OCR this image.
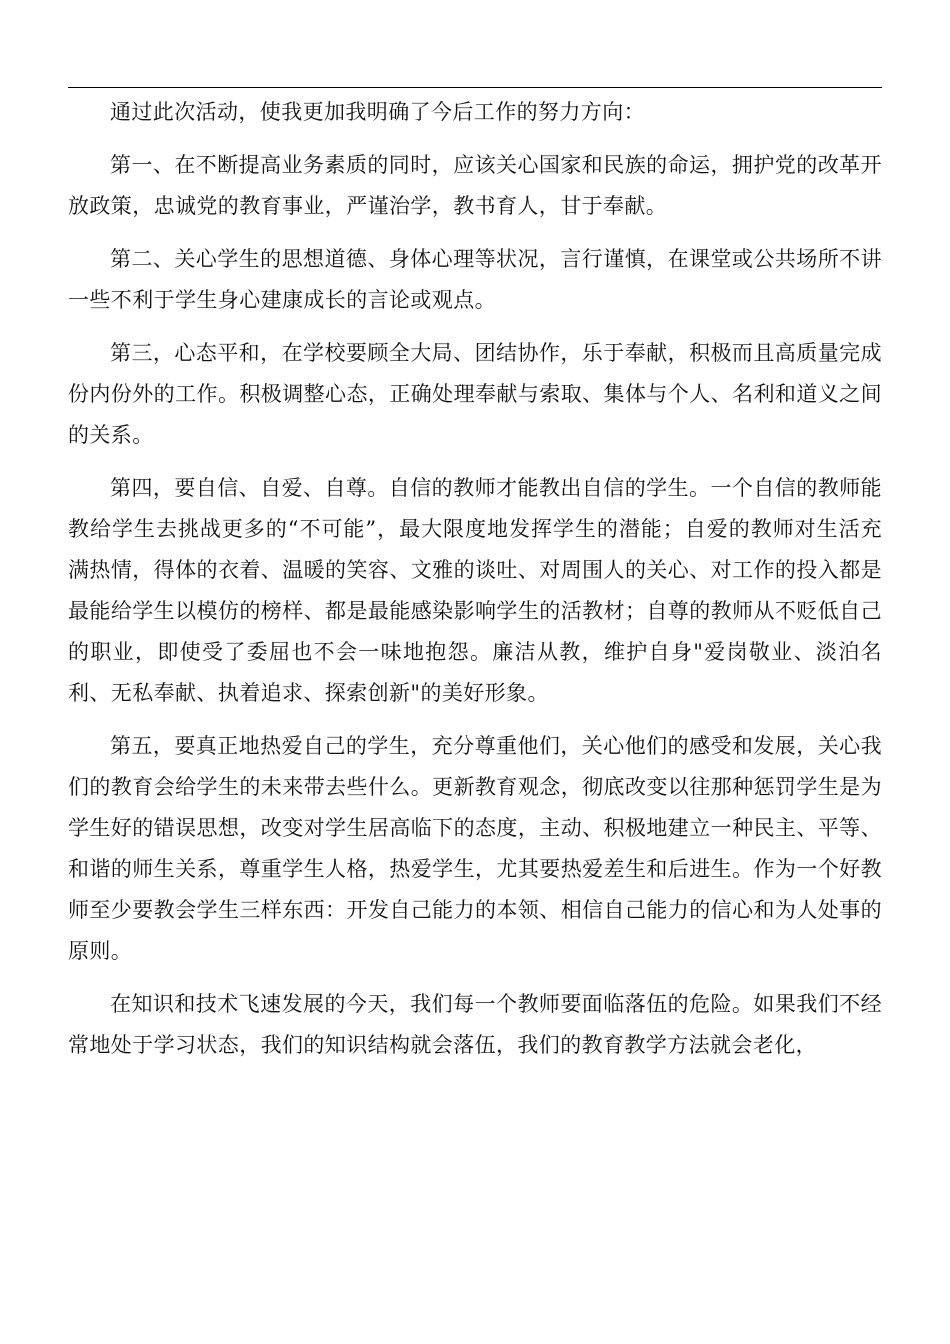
通过此次活动，使我更加我明确了今后工作的努力方向：

第一、在不断提高业务素质的同时，应该关心国家和民族的命运，拥护党的改革开放政策，忠诚党的教育事业，严谨治学，教书育人，甘于奉献。

第二、关心学生的思想道德、身体心理等状况，言行谨慎，在课堂或公共场所不讲一些不利于学生身心建康成长的言论或观点。

第三，心态平和，在学校要顾全大局、团结协作，乐于奉献，积极而且高质量完成份内份外的工作。积极调整心态，正确处理奉献与索取、集体与个人、名利和道义之间的关系。

第四，要自信、自爱、自尊。自信的教师才能教出自信的学生。一个自信的教师能教给学生去挑战更多的“不可能”，最大限度地发挥学生的潜能；自爱的教师对生活充满热情，得体的衣着、温暖的笑容、文雅的谈吐、对周围人的关心、对工作的投入都是最能给学生以模仿的榜样、都是最能感染影响学生的活教材；自尊的教师从不贬低自己的职业，即使受了委屈也不会一味地抱怨。廉洁从教，维护自身"爱岗敬业、淡泊名利、无私奉献、执着追求、探索创新"的美好形象。

第五，要真正地热爱自己的学生，充分尊重他们，关心他们的感受和发展，关心我们的教育会给学生的未来带去些什么。更新教育观念，彻底改变以往那种惩罚学生是为学生好的错误思想，改变对学生居高临下的态度，主动、积极地建立一种民主、平等、和谐的师生关系，尊重学生人格，热爱学生，尤其要热爱差生和后进生。作为一个好教师至少要教会学生三样东西：开发自己能力的本领、相信自己能力的信心和为人处事的原则。

在知识和技术飞速发展的今天，我们每一个教师要面临落伍的危险。如果我们不经常地处于学习状态，我们的知识结构就会落伍，我们的教育教学方法就会老化，
